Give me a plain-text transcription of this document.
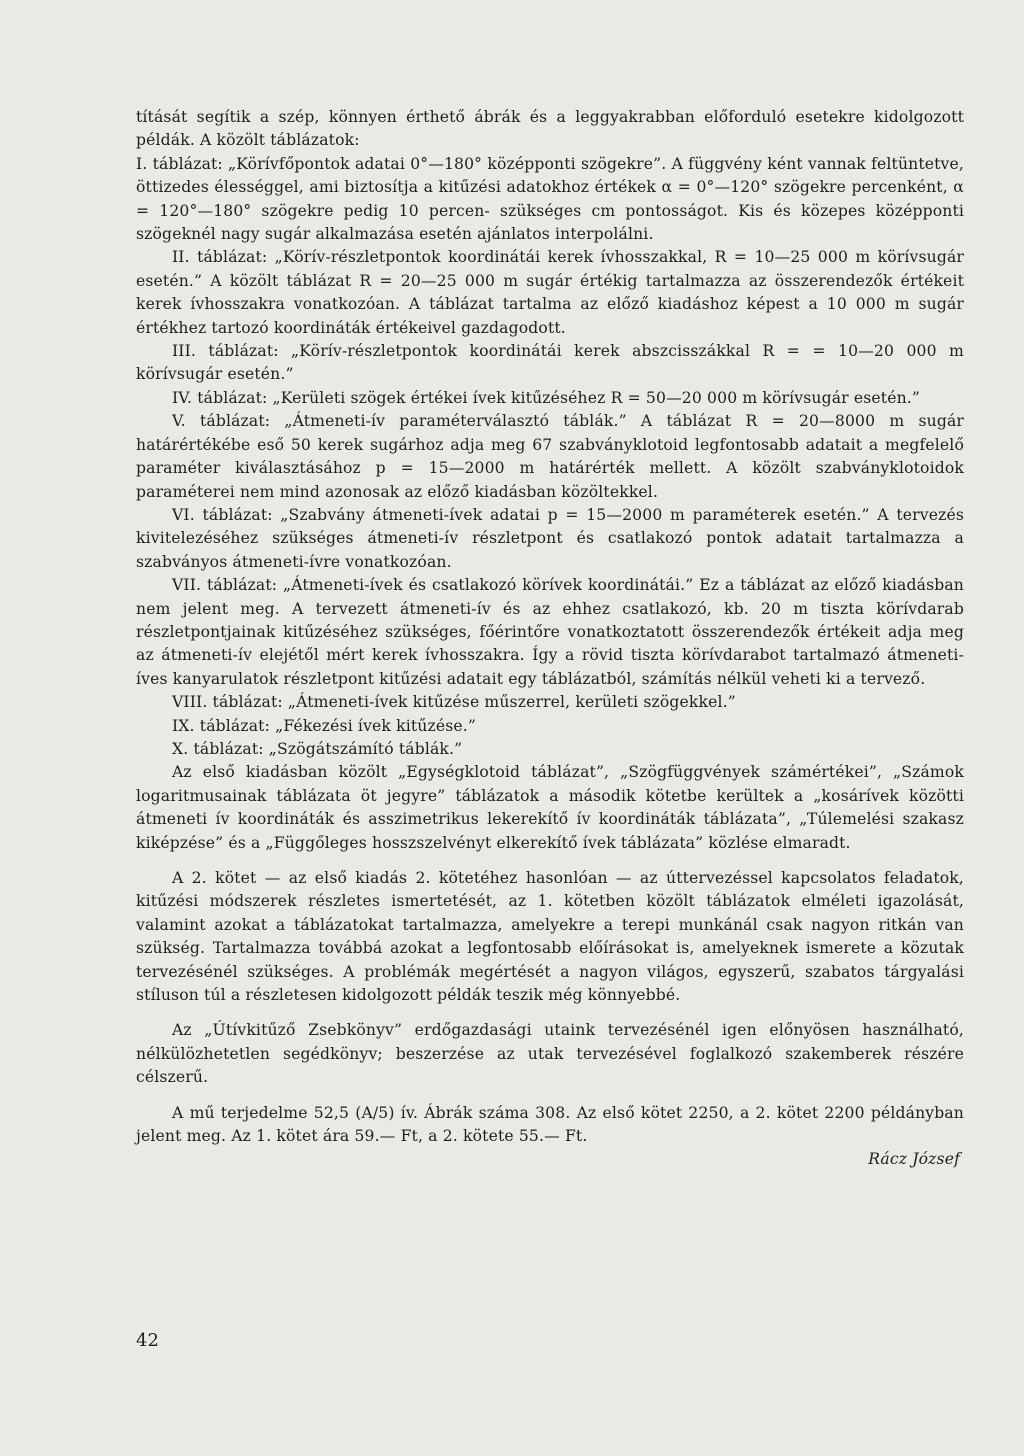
títását segítik a szép, könnyen érthető ábrák és a leggyakrabban előforduló esetekre kidolgozott példák. A közölt táblázatok:

I. táblázat: „Körívfőpontok adatai 0°—180° középponti szögekre”. A függvény ként vannak feltüntetve, öttizedes élességgel, ami biztosítja a kitűzési adatokhoz értékek α = 0°—120° szögekre percenként, α = 120°—180° szögekre pedig 10 percen- szükséges cm pontosságot. Kis és közepes középponti szögeknél nagy sugár alkalmazása esetén ajánlatos interpolálni.

II. táblázat: „Körív-részletpontok koordinátái kerek ívhosszakkal, R = 10—25 000 m körívsugár esetén.” A közölt táblázat R = 20—25 000 m sugár értékig tartalmazza az összerendezők értékeit kerek ívhosszakra vonatkozóan. A táblázat tartalma az előző kiadáshoz képest a 10 000 m sugár értékhez tartozó koordináták értékeivel gazdagodott.

III. táblázat: „Körív-részletpontok koordinátái kerek abszcisszákkal R = = 10—20 000 m körívsugár esetén.”

IV. táblázat: „Kerületi szögek értékei ívek kitűzéséhez R = 50—20 000 m körívsugár esetén.”

V. táblázat: „Átmeneti-ív paraméterválasztó táblák.” A táblázat R = 20—8000 m sugár határértékébe eső 50 kerek sugárhoz adja meg 67 szabványklotoid legfontosabb adatait a megfelelő paraméter kiválasztásához p = 15—2000 m határérték mellett. A közölt szabványklotoidok paraméterei nem mind azonosak az előző kiadásban közöltekkel.

VI. táblázat: „Szabvány átmeneti-ívek adatai p = 15—2000 m paraméterek esetén.” A tervezés kivitelezéséhez szükséges átmeneti-ív részletpont és csatlakozó pontok adatait tartalmazza a szabványos átmeneti-ívre vonatkozóan.

VII. táblázat: „Átmeneti-ívek és csatlakozó körívek koordinátái.” Ez a táblázat az előző kiadásban nem jelent meg. A tervezett átmeneti-ív és az ehhez csatlakozó, kb. 20 m tiszta körívdarab részletpontjainak kitűzéséhez szükséges, főérintőre vonatkoztatott összerendezők értékeit adja meg az átmeneti-ív elejétől mért kerek ívhosszakra. Így a rövid tiszta körívdarabot tartalmazó átmeneti-íves kanyarulatok részletpont kitűzési adatait egy táblázatból, számítás nélkül veheti ki a tervező.

VIII. táblázat: „Átmeneti-ívek kitűzése műszerrel, kerületi szögekkel.”

IX. táblázat: „Fékezési ívek kitűzése.”

X. táblázat: „Szögátszámító táblák.”

Az első kiadásban közölt „Egységklotoid táblázat”, „Szögfüggvények számértékei”, „Számok logaritmusainak táblázata öt jegyre” táblázatok a második kötetbe kerültek a „kosárívek közötti átmeneti ív koordináták és asszimetrikus lekerekítő ív koordináták táblázata”, „Túlemelési szakasz kiképzése” és a „Függőleges hosszszelvényt elkerekítő ívek táblázata” közlése elmaradt.

A 2. kötet — az első kiadás 2. kötetéhez hasonlóan — az úttervezéssel kapcsolatos feladatok, kitűzési módszerek részletes ismertetését, az 1. kötetben közölt táblázatok elméleti igazolását, valamint azokat a táblázatokat tartalmazza, amelyekre a terepi munkánál csak nagyon ritkán van szükség. Tartalmazza továbbá azokat a legfontosabb előírásokat is, amelyeknek ismerete a közutak tervezésénél szükséges. A problémák megértését a nagyon világos, egyszerű, szabatos tárgyalási stíluson túl a részletesen kidolgozott példák teszik még könnyebbé.

Az „Útívkitűző Zsebkönyv” erdőgazdasági utaink tervezésénél igen előnyösen használható, nélkülözhetetlen segédkönyv; beszerzése az utak tervezésével foglalkozó szakemberek részére célszerű.

A mű terjedelme 52,5 (A/5) ív. Ábrák száma 308. Az első kötet 2250, a 2. kötet 2200 példányban jelent meg. Az 1. kötet ára 59.— Ft, a 2. kötete 55.— Ft.

Rácz József

42
